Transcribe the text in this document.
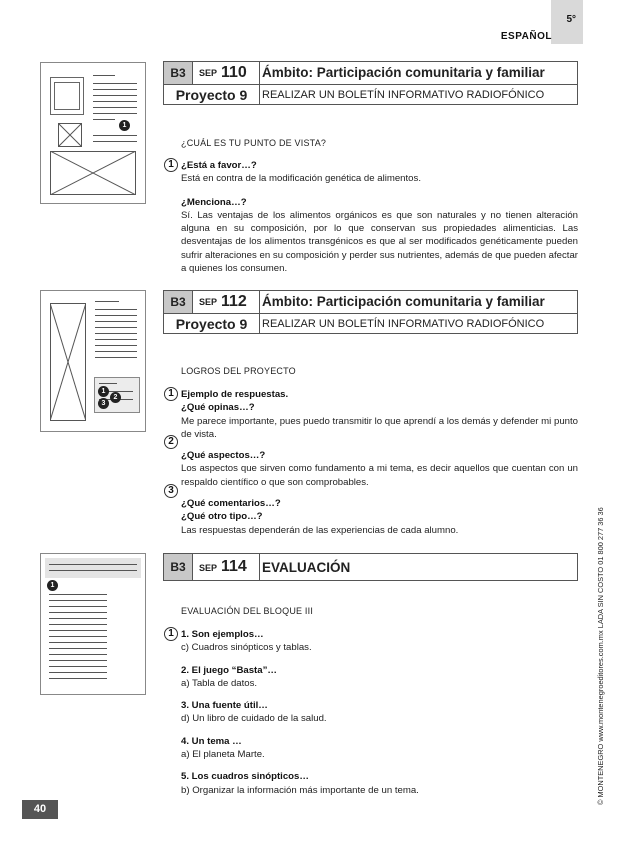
5°
ESPAÑOL
1
B3	SEP 110 Ámbito: Participación comunitaria y familiar
Proyecto 9	REALIZAR UN BOLETÍN INFORMATIVO RADIOFÓNICO
¿CUÁL ES TU PUNTO DE VISTA?
1 ¿Está a favor…?
Está en contra de la modificación genética de alimentos.
¿Menciona…?
Sí. Las ventajas de los alimentos orgánicos es que son naturales y no tienen alteración alguna en su composición, por lo que conservan sus propiedades alimenticias. Las desventajas de los alimentos transgénicos es que al ser modificados genéticamente pueden sufrir alteraciones en su composición y perder sus nutrientes, además de que pueden afectar a quienes los consumen.
1
2
3
B3	SEP 112 Ámbito: Participación comunitaria y familiar
Proyecto 9	REALIZAR UN BOLETÍN INFORMATIVO RADIOFÓNICO
LOGROS DEL PROYECTO
1
2
3
Ejemplo de respuestas.
¿Qué opinas…?
Me parece importante, pues puedo transmitir lo que aprendí a los demás y defender mi punto de vista.
¿Qué aspectos…?
Los aspectos que sirven como fundamento a mi tema, es decir aquellos que cuentan con un respaldo científico o que son comprobables.
¿Qué comentarios…?
¿Qué otro tipo…?
Las respuestas dependerán de las experiencias de cada alumno.
1
B3	SEP 114 EVALUACIÓN
EVALUACIÓN DEL BLOQUE III
1 1. Son ejemplos…
c) Cuadros sinópticos y tablas.
2. El juego “Basta”…
a) Tabla de datos.
3. Una fuente útil…
d) Un libro de cuidado de la salud.
4. Un tema …
a) El planeta Marte.
5. Los cuadros sinópticos…
b) Organizar la información más importante de un tema.	© MONTENEGRO www.montenegroeditores.com.mx LADA SIN COSTO 01 800 277 36 36
40
